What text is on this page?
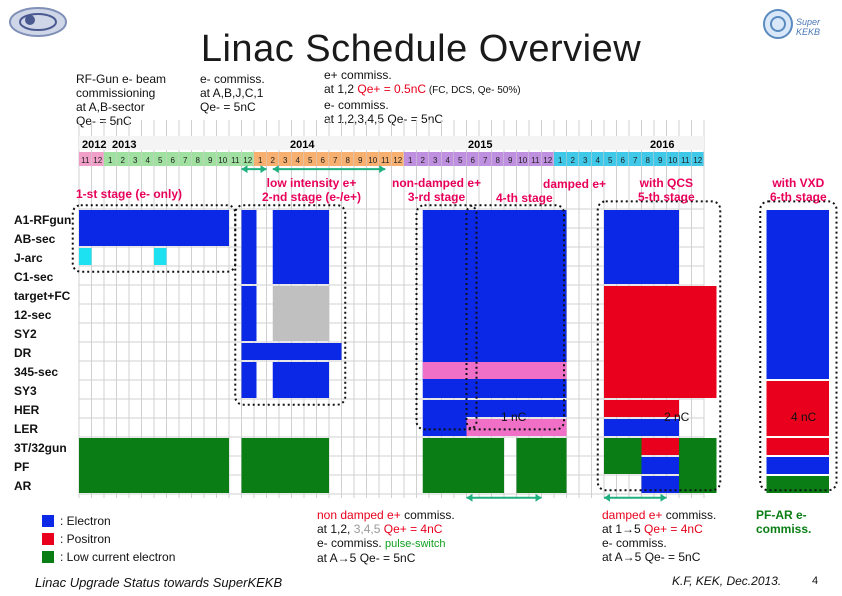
Super KEKB
Linac Schedule Overview
RF-Gun e- beam
commissioning
at A,B-sector
Qe- = 5nC
e- commiss.
at A,B,J,C,1
Qe- = 5nC
e+ commiss.
at 1,2 Qe+ = 0.5nC (FC, DCS, Qe- 50%)
e- commiss.
at 1,2,3,4,5 Qe- = 5nC
11 12 1 2 3 4 5 6 7 8 9 10 11 12 1 2 3 4 5 6 7 8 9 10 11 12 1 2 3 4 5 6 7 8 9 10 11 12 1 2 3 4 5 6 7 8 9 10 11 12
2012 2013	2014	2015	2016
1-st stage (e- only)
low intensity e+
2-nd stage (e-/e+)
non-damped e+
3-rd stage	4-th stage
damped e+	with QCS
5-th stage
with VXD
6-th stage
A1-RFgun
AB-sec
J-arc
C1-sec
target+FC
12-sec
SY2
DR
345-sec
SY3
HER
LER
3T/32gun
PF
AR
1 nC	2 nC	4 nC
: Electron
: Positron
: Low current electron
non damped e+ commiss.
at 1,2, 3,4,5 Qe+ = 4nC
e- commiss. pulse-switch
at A→5 Qe- = 5nC
damped e+ commiss.
at 1→5 Qe+ = 4nC
e- commiss.
at A→5 Qe- = 5nC
PF-AR e-
commiss.
Linac Upgrade Status towards SuperKEKB	K.F, KEK, Dec.2013.	4
